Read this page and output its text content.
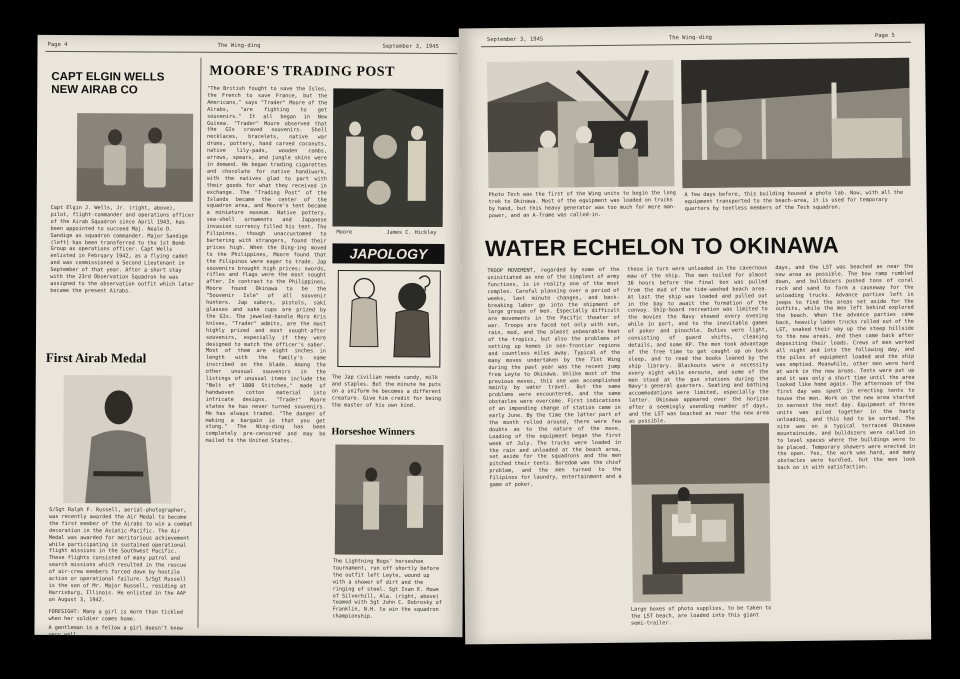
Page 4	The Wing-ding	September 3, 1945
CAPT ELGIN WELLS NEW AIRAB CO
Capt Elgin J. Wells, Jr. (right, above), pilot, flight-commander and operations officer of the Airab Squadron since April 1943, has been appointed to succeed Maj. Neale D. Sandige as squadron commander. Major Sandige (left) has been transferred to the 1st Bomb Group as operations officer. Capt Wells enlisted in February 1942, as a flying cadet and was commissioned a Second Lieutenant in September of that year. After a short stay with the 23rd Observation Squadron he was assigned to the observation outfit which later became the present Airabs.
First Airab Medal
S/Sgt Ralph F. Russell, aerial-photographer, was recently awarded the Air Medal to become the first member of the Airabs to win a combat decoration in the Asiatic-Pacific. The Air Medal was awarded for meritorious achievement while participating in sustained operational flight missions in the Southwest Pacific. These flights consisted of many patrol and search missions which resulted in the rescue of air-crew members forced down by hostile action or operational failure. S/Sgt Russell is the son of Mr. Major Russell, residing at Harrisburg, Illinois. He enlisted in the AAF on August 3, 1942.
FORESIGHT: Many a girl is more than tickled when her soldier comes home.
A gentleman is a fellow a girl doesn't know very well.
MOORE'S TRADING POST
"The British fought to save the Isles, the French to save France, but the Americans," says "Trader" Moore of the Airabs, "are fighting to get souvenirs." It all began in New Guinea. "Trader" Moore observed that the GIs craved souvenirs. Shell necklaces, bracelets, native war drums, pottery, hand carved coconuts, native lily-pads, wooden combs, arrows, spears, and jungle skins were in demand. He began trading cigarettes and chocolate for native handiwork, with the natives glad to part with their goods for what they received in exchange. The "Trading Post" of the Islands became the center of the squadron area, and Moore's tent became a miniature museum. Native pottery, sea-shell ornaments and Japanese invasion currency filled his tent. The Filipinos, though unaccustomed to bartering with strangers, found their prices high. When the Ding-ing moved to the Philippines, Moore found that the Filipinos were eager to trade. Jap souvenirs brought high prices; swords, rifles and flags were the most sought after. In contrast to the Philippines, Moore found Okinawa to be the "Souvenir Isle" of all souvenir hunters. Jap sabers, pistols, saki glasses and sake cups are prized by the GIs. The jeweled-handle Moro Kris knives, "Trader" admits, are the most highly prized and most sought-after souvenirs, especially if they were designed to match the officer's saber. Most of them are eight inches in length with the family's name inscribed on the blade. Among the other unusual souvenirs in the listings of unusual items include the "Belt of 1000 Stitches," made of handwoven cotton material into intricate designs. "Trader" Moore states he has never turned souvenirs. He has always traded. "The danger of making a bargain is that you get stung." The Wing-ding has been completely pre-censored and may be mailed to the United States.
Moore	James C. Hickley
JAPOLOGY
The Jap civilian needs candy, milk and staples. But the minute he puts on a uniform he becomes a different creature. Give him credit for being the master of his own kind.
Horseshoe Winners
The Lightning Bugs' horseshoe tournament, run off shortly before the outfit left Leyte, wound up with a shower of dirt and the ringing of steel. Sgt Ivan E. Howe of Silverhill, Ala. (right, above) teamed with Sgt John C. Dobrosky of Franklin, N.H. to win the squadron championship.
September 3, 1945	The Wing-ding	Page 5
Photo Tech was the first of the Wing units to begin the long trek to Okinawa. Most of the equipment was loaded on trucks by hand, but this heavy generator was too much for mere man-power, and an A-frame was called-in.
A few days before, this building housed a photo lab. Now, with all the equipment transported to the beach-area, it is used for temporary quarters by tentless members of the Tech squadron.
WATER ECHELON TO OKINAWA
TROOP MOVEMENT, regarded by some of the uninitiated as one of the simplest of army functions, is in reality one of the most complex. Careful planning over a period of weeks, last minute changes, and back-breaking labor go into the shipment of large groups of men. Especially difficult are movements in the Pacific theater of war. Troops are faced not only with sun, rain, mud, and the almost unbearable heat of the tropics, but also the problems of setting up homes in non-frontier regions and countless miles away. Typical of the many moves undertaken by the 71st Wing during the past year was the recent jump from Leyte to Okinawa. Unlike most of the previous moves, this one was accomplished mainly by water travel. But the same problems were encountered, and the same obstacles were overcome. First indications of an impending change of station came in early June. By the time the latter part of the month rolled around, there were few doubts as to the nature of the move. Loading of the equipment began the first week of July. The trucks were loaded in the rain and unloaded at the beach area, set aside for the squadrons and the men pitched their tents. Boredom was the chief problem, and the men turned to the Filipinos for laundry, entertainment and a game of poker.
these in turn were unloaded in the cavernous maw of the ship. The men toiled for almost 36 hours before the final box was pulled from the mud of the tide-washed beach area. At last the ship was loaded and pulled out in the bay to await the formation of the convoy. Ship-board recreation was limited to the movies the Navy showed every evening while in port, and to the inevitable games of poker and pinochle. Duties were light, consisting of guard shifts, cleaning details, and some KP. The men took advantage of the free time to get caught up on back sleep, and to read the books loaned by the ship library. Blackouts were a necessity every night while enroute, and some of the men stood at the gun stations during the Navy's general quarters. Seating and bathing accommodations were limited, especially the latter. Okinawa appeared over the horizon after a seemingly unending number of days, and the LST was beached as near the new area as possible.
days, and the LST was beached as near the new area as possible. The bow ramp rumbled down, and bulldozers pushed tons of coral rock and sand to form a causeway for the unloading trucks. Advance parties left in jeeps to find the areas set aside for the outfits, while the men left behind explored the beach. When the advance parties came back, heavily laden trucks rolled out of the LST, snaked their way up the steep hillside to the new areas, and then came back after depositing their loads. Crews of men worked all night and into the following day, and the piles of equipment loaded and the ship was emptied. Meanwhile, other men were hard at work in the new areas. Tents were put up and it was only a short time until the area looked like home again. The afternoon of the first day was spent in erecting tents to house the men. Work on the new area started in earnest the next day. Equipment of three units was piled together in the hasty unloading, and this had to be sorted. The site was on a typical terraced Okinawa mountainside, and bulldozers were called in to level spaces where the buildings were to be placed. Temporary showers were erected in the open. Yes, the work was hard, and many obstacles were hurdled, but the men look back on it with satisfaction.
Large boxes of photo supplies, to be taken to the LST beach, are loaded into this giant semi-trailer.
